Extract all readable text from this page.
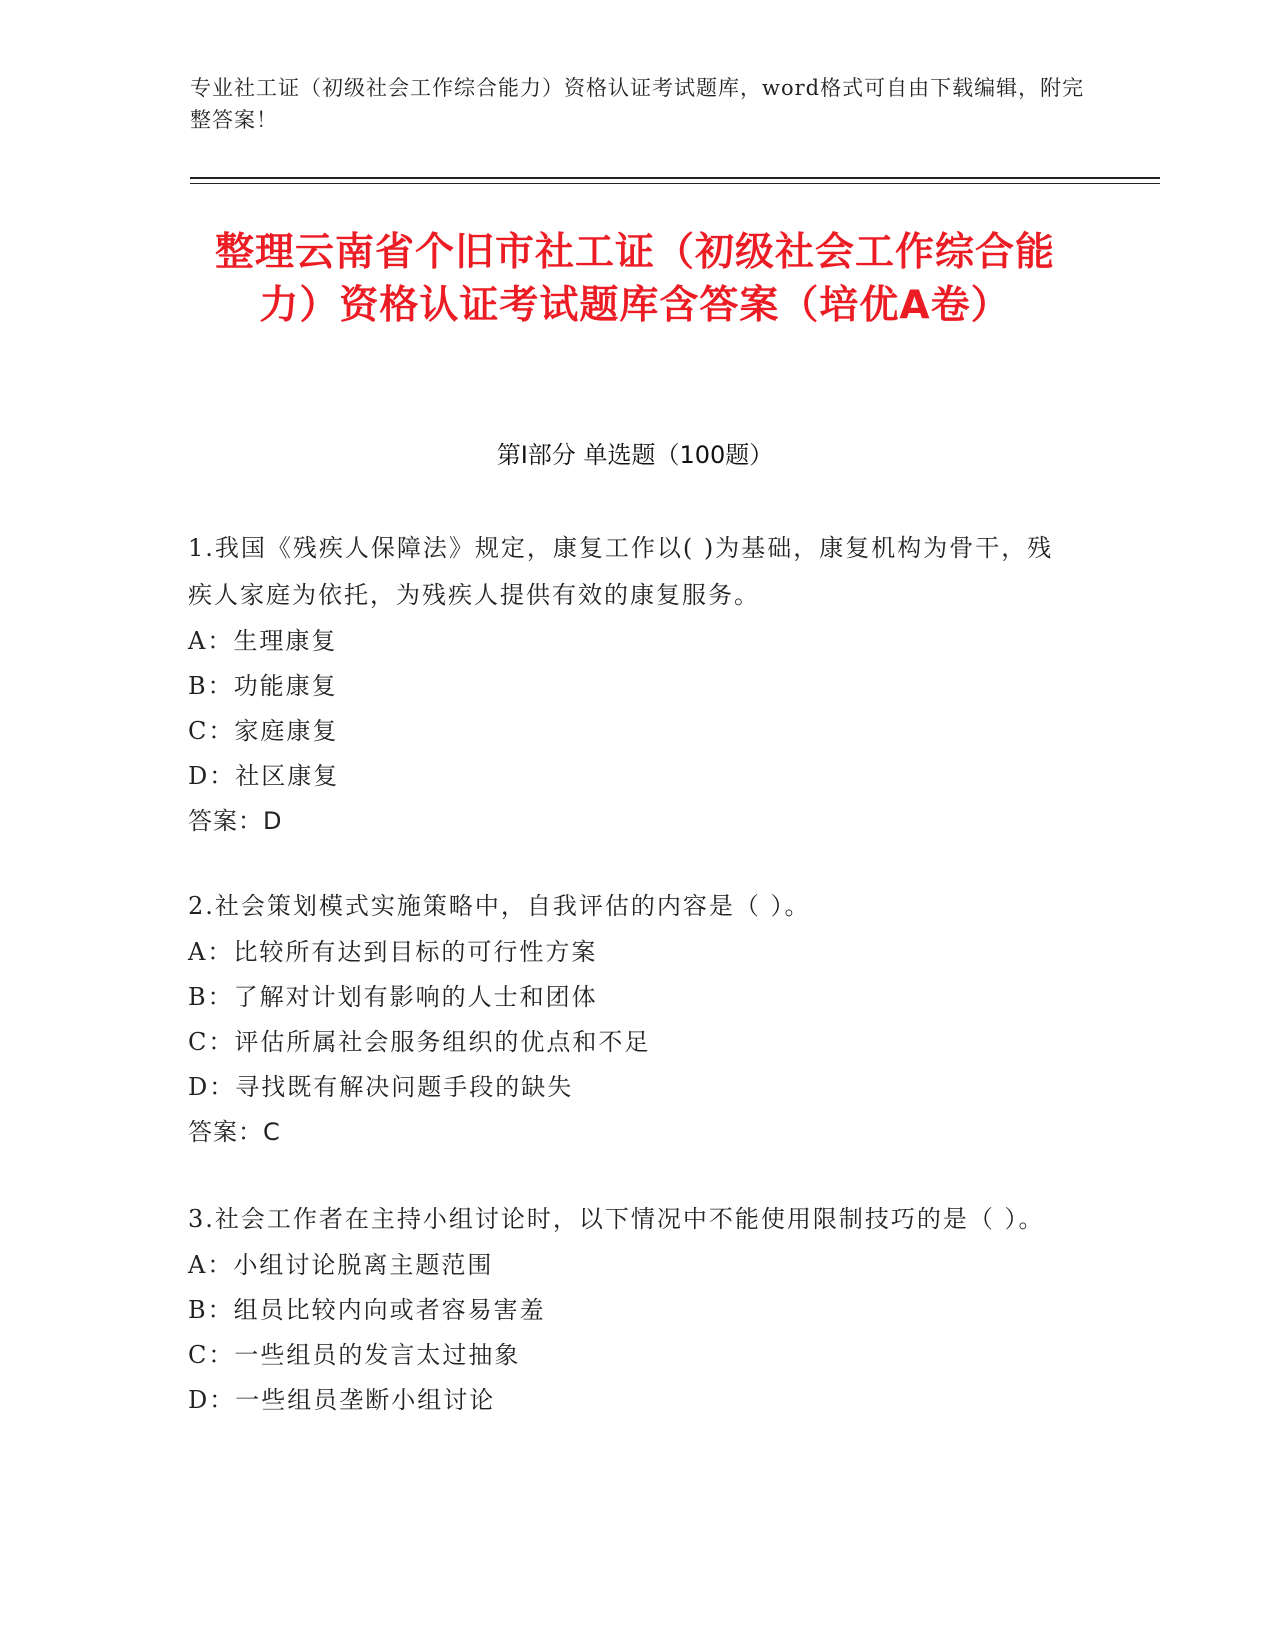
专业社工证（初级社会工作综合能力）资格认证考试题库，word格式可自由下载编辑，附完整答案！
整理云南省个旧市社工证（初级社会工作综合能力）资格认证考试题库含答案（培优A卷）
第Ⅰ部分 单选题（100题）
1.我国《残疾人保障法》规定，康复工作以( )为基础，康复机构为骨干，残疾人家庭为依托，为残疾人提供有效的康复服务。
A：生理康复
B：功能康复
C：家庭康复
D：社区康复
答案：D
2.社会策划模式实施策略中，自我评估的内容是（ ）。
A：比较所有达到目标的可行性方案
B：了解对计划有影响的人士和团体
C：评估所属社会服务组织的优点和不足
D：寻找既有解决问题手段的缺失
答案：C
3.社会工作者在主持小组讨论时，以下情况中不能使用限制技巧的是（ ）。
A：小组讨论脱离主题范围
B：组员比较内向或者容易害羞
C：一些组员的发言太过抽象
D：一些组员垄断小组讨论
